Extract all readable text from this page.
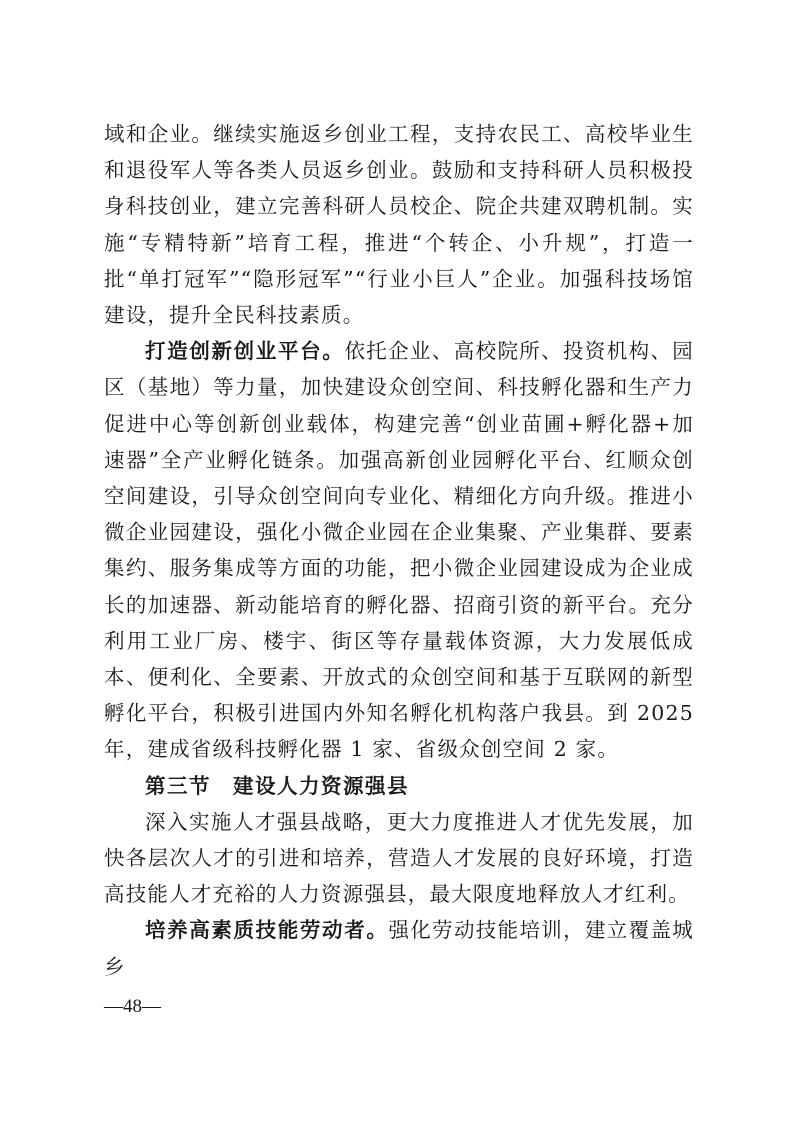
域和企业。继续实施返乡创业工程，支持农民工、高校毕业生和退役军人等各类人员返乡创业。鼓励和支持科研人员积极投身科技创业，建立完善科研人员校企、院企共建双聘机制。实施“专精特新”培育工程，推进“个转企、小升规”，打造一批“单打冠军”“隐形冠军”“行业小巨人”企业。加强科技场馆建设，提升全民科技素质。

打造创新创业平台。依托企业、高校院所、投资机构、园区（基地）等力量，加快建设众创空间、科技孵化器和生产力促进中心等创新创业载体，构建完善“创业苗圃+孵化器+加速器”全产业孵化链条。加强高新创业园孵化平台、红顺众创空间建设，引导众创空间向专业化、精细化方向升级。推进小微企业园建设，强化小微企业园在企业集聚、产业集群、要素集约、服务集成等方面的功能，把小微企业园建设成为企业成长的加速器、新动能培育的孵化器、招商引资的新平台。充分利用工业厂房、楼宇、街区等存量载体资源，大力发展低成本、便利化、全要素、开放式的众创空间和基于互联网的新型孵化平台，积极引进国内外知名孵化机构落户我县。到 2025 年，建成省级科技孵化器 1 家、省级众创空间 2 家。

第三节 建设人力资源强县

深入实施人才强县战略，更大力度推进人才优先发展，加快各层次人才的引进和培养，营造人才发展的良好环境，打造高技能人才充裕的人力资源强县，最大限度地释放人才红利。

培养高素质技能劳动者。强化劳动技能培训，建立覆盖城乡

—48—
